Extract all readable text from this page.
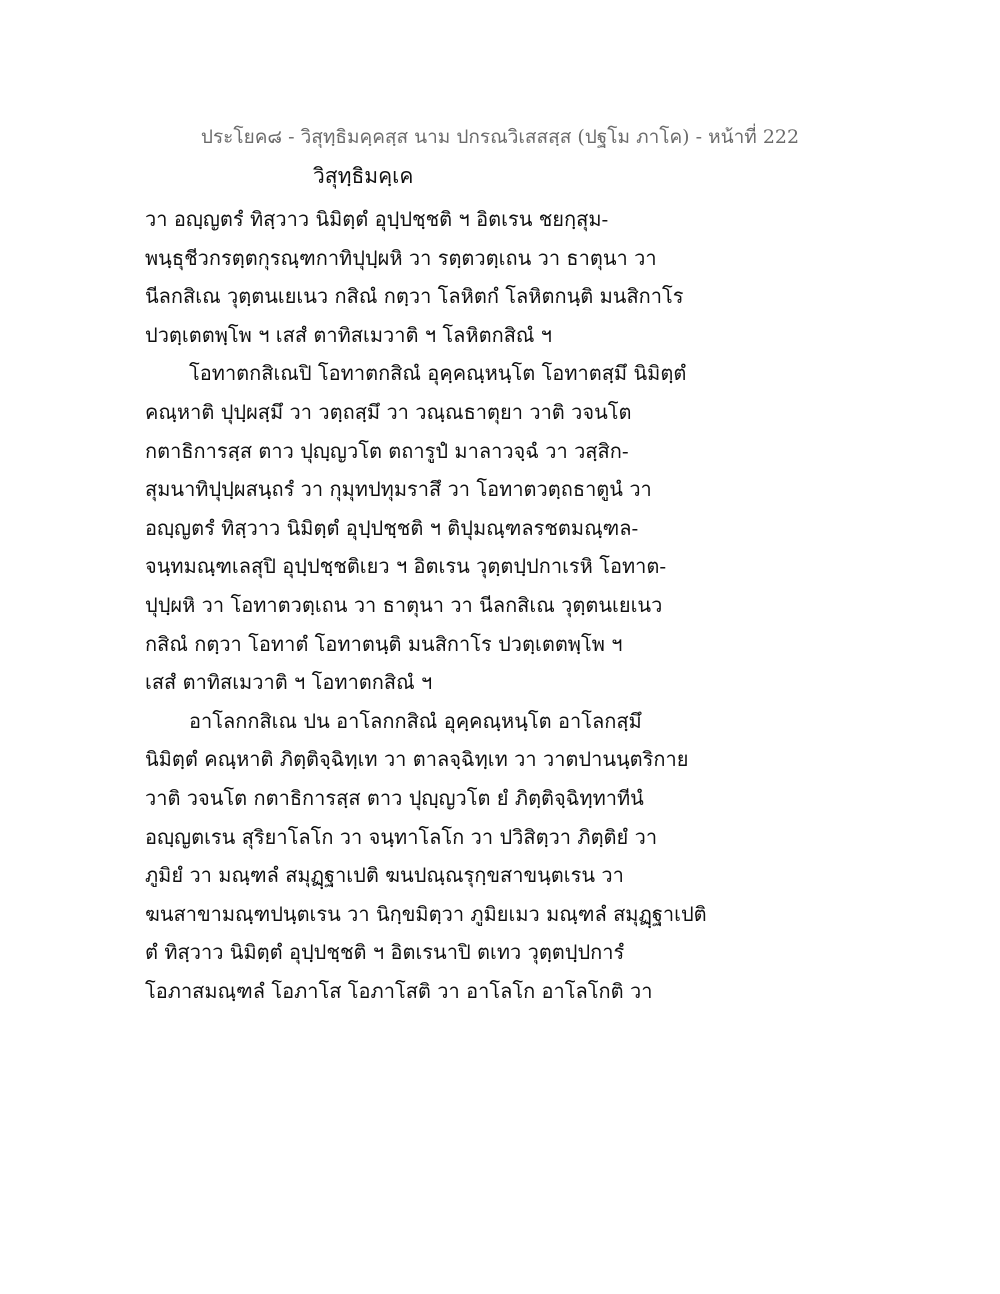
ประโยค๘ - วิสุทฺธิมคฺคสฺส นาม ปกรณวิเสสสฺส (ปฐโม ภาโค) - หน้าที่ 222
วิสุทฺธิมคฺเค
วา อญฺญตรํ ทิสฺวาว นิมิตฺตํ อุปฺปชฺชติ ฯ อิตเรน ชยกฺสุม-
พนฺธุชีวกรตฺตกุรณฺฑกาทิปุปฺผหิ วา รตฺตวตฺเถน วา ธาตุนา วา
นีลกสิเณ วุตฺตนเยเนว กสิณํ กตฺวา โลหิตกํ โลหิตกนฺติ มนสิกาโร
ปวตฺเตตพฺโพ ฯ เสสํ ตาทิสเมวาติ ฯ โลหิตกสิณํ ฯ
โอทาตกสิเณปิ โอทาตกสิณํ อุคฺคณฺหนฺโต โอทาตสฺมึ นิมิตฺตํ
คณฺหาติ ปุปฺผสฺมึ วา วตฺถสฺมึ วา วณฺณธาตุยา วาติ วจนโต
กตาธิการสฺส ตาว ปุญฺญวโต ตถารูปํ มาลาวจฺฉํ วา วสฺสิก-
สุมนาทิปุปฺผสนฺถรํ วา กุมุทปทุมราสึ วา โอทาตวตฺถธาตูนํ วา
อญฺญตรํ ทิสฺวาว นิมิตฺตํ อุปฺปชฺชติ ฯ ติปุมณฺฑลรชตมณฺฑล-
จนฺทมณฺฑเลสุปิ อุปฺปชฺชติเยว ฯ อิตเรน วุตฺตปฺปกาเรหิ โอทาต-
ปุปฺผหิ วา โอทาตวตฺเถน วา ธาตุนา วา นีลกสิเณ วุตฺตนเยเนว
กสิณํ กตฺวา โอทาตํ โอทาตนฺติ มนสิกาโร ปวตฺเตตพฺโพ ฯ
เสสํ ตาทิสเมวาติ ฯ โอทาตกสิณํ ฯ
อาโลกกสิเณ ปน อาโลกกสิณํ อุคฺคณฺหนฺโต อาโลกสฺมึ
นิมิตฺตํ คณฺหาติ ภิตฺติจฺฉิทฺเท วา ตาลจฺฉิทฺเท วา วาตปานนฺตริกาย
วาติ วจนโต กตาธิการสฺส ตาว ปุญฺญวโต ยํ ภิตฺติจฺฉิทฺทาทีนํ
อญฺญตเรน สุริยาโลโก วา จนฺทาโลโก วา ปวิสิตฺวา ภิตฺติยํ วา
ภูมิยํ วา มณฺฑลํ สมุฏฺฐาเปติ ฆนปณฺณรุกฺขสาขนฺตเรน วา
ฆนสาขามณฺฑปนฺตเรน วา นิกฺขมิตฺวา ภูมิยเมว มณฺฑลํ สมุฏฺฐาเปติ
ตํ ทิสฺวาว นิมิตฺตํ อุปฺปชฺชติ ฯ อิตเรนาปิ ตเทว วุตฺตปฺปการํ
โอภาสมณฺฑลํ โอภาโส โอภาโสติ วา อาโลโก อาโลโกติ วา
